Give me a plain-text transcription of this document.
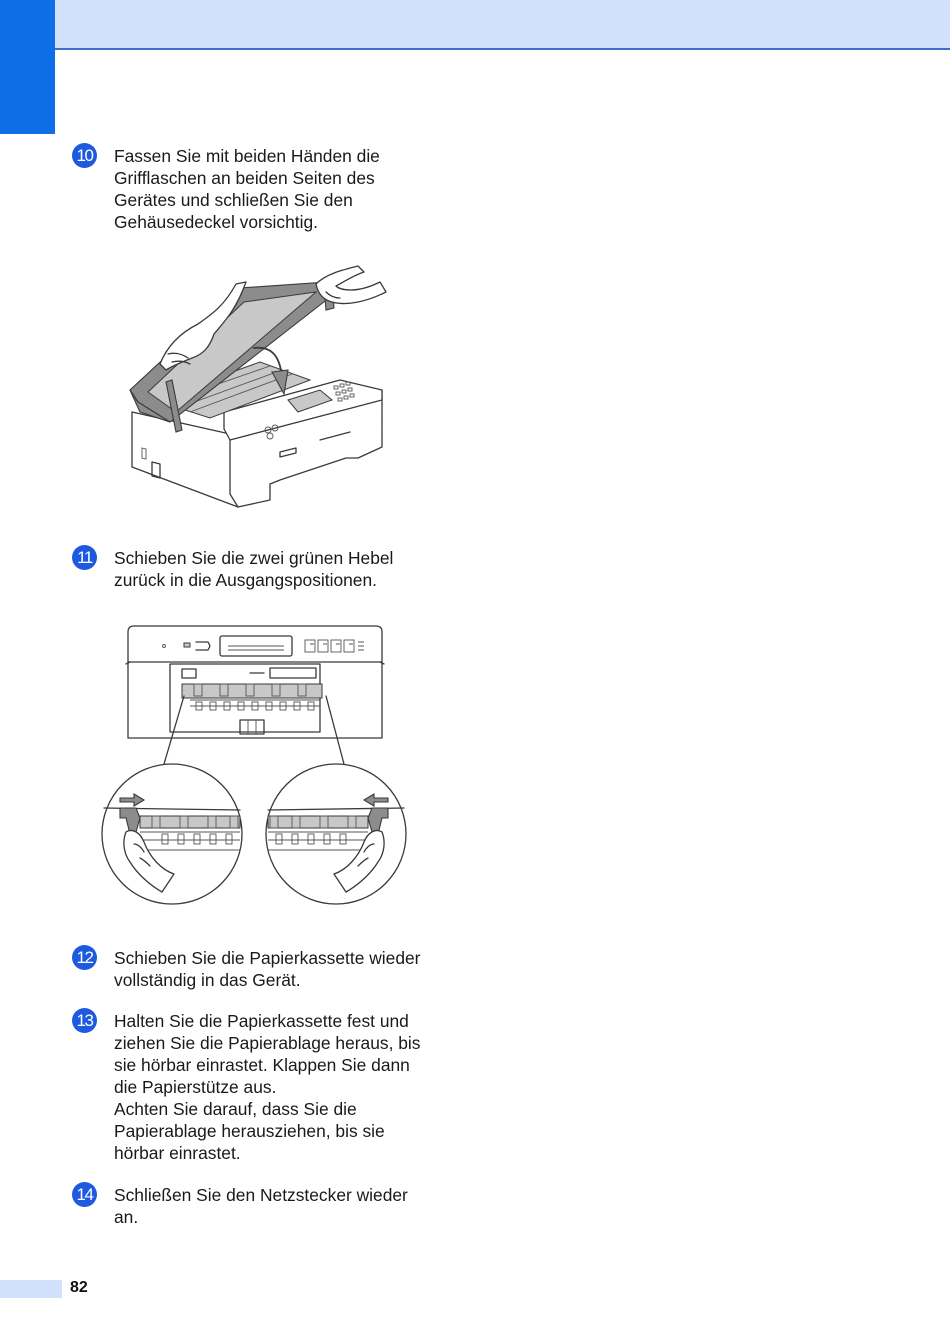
10 Fassen Sie mit beiden Händen die
Grifflaschen an beiden Seiten des
Gerätes und schließen Sie den
Gehäusedeckel vorsichtig.
11 Schieben Sie die zwei grünen Hebel
zurück in die Ausgangspositionen.
12 Schieben Sie die Papierkassette wieder
vollständig in das Gerät.
13 Halten Sie die Papierkassette fest und
ziehen Sie die Papierablage heraus, bis
sie hörbar einrastet. Klappen Sie dann
die Papierstütze aus.
Achten Sie darauf, dass Sie die
Papierablage herausziehen, bis sie
hörbar einrastet.
14 Schließen Sie den Netzstecker wieder
an.
82
